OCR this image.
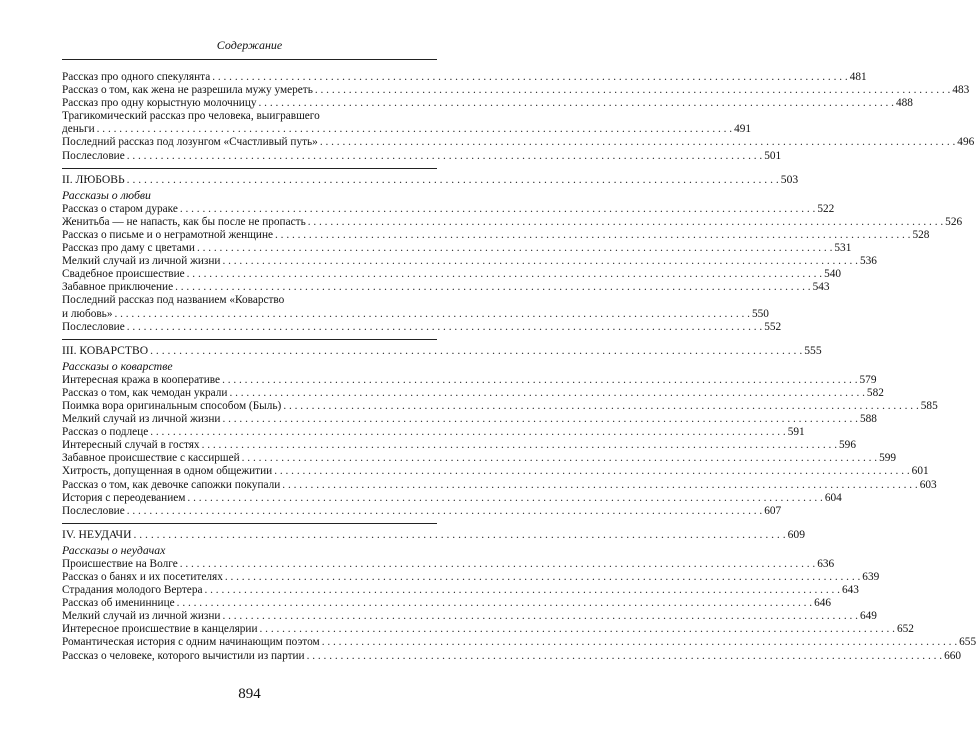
Содержание
Рассказ про одного спекулянта . . .	481
Рассказ о том, как жена не разрешила мужу умереть . . .	483
Рассказ про одну корыстную молочницу . . .	488
Трагикомический рассказ про человека, выигравшего
деньги . . .	491
Последний рассказ под лозунгом «Счастливый путь» . . .	496
Послесловие . . .	501
II. ЛЮБОВЬ . . .	503
Рассказы о любви
Рассказ о старом дураке . . .	522
Женитьба — не напасть, как бы после не пропасть . . .	526
Рассказ о письме и о неграмотной женщине . . .	528
Рассказ про даму с цветами . . .	531
Мелкий случай из личной жизни . . .	536
Свадебное происшествие . . .	540
Забавное приключение . . .	543
Последний рассказ под названием «Коварство
и любовь» . . .	550
Послесловие . . .	552
III. КОВАРСТВО . . .	555
Рассказы о коварстве
Интересная кража в кооперативе . . .	579
Рассказ о том, как чемодан украли . . .	582
Поимка вора оригинальным способом (Быль) . . .	585
Мелкий случай из личной жизни . . .	588
Рассказ о подлеце . . .	591
Интересный случай в гостях . . .	596
Забавное происшествие с кассиршей . . .	599
Хитрость, допущенная в одном общежитии . . .	601
Рассказ о том, как девочке сапожки покупали . . .	603
История с переодеванием . . .	604
Послесловие . . .	607
IV. НЕУДАЧИ . . .	609
Рассказы о неудачах
Происшествие на Волге . . .	636
Рассказ о банях и их посетителях . . .	639
Страдания молодого Вертера . . .	643
Рассказ об имениннице . . .	646
Мелкий случай из личной жизни . . .	649
Интересное происшествие в канцелярии . . .	652
Романтическая история с одним начинающим поэтом . . .	655
Рассказ о человеке, которого вычистили из партии . . .	660
894
